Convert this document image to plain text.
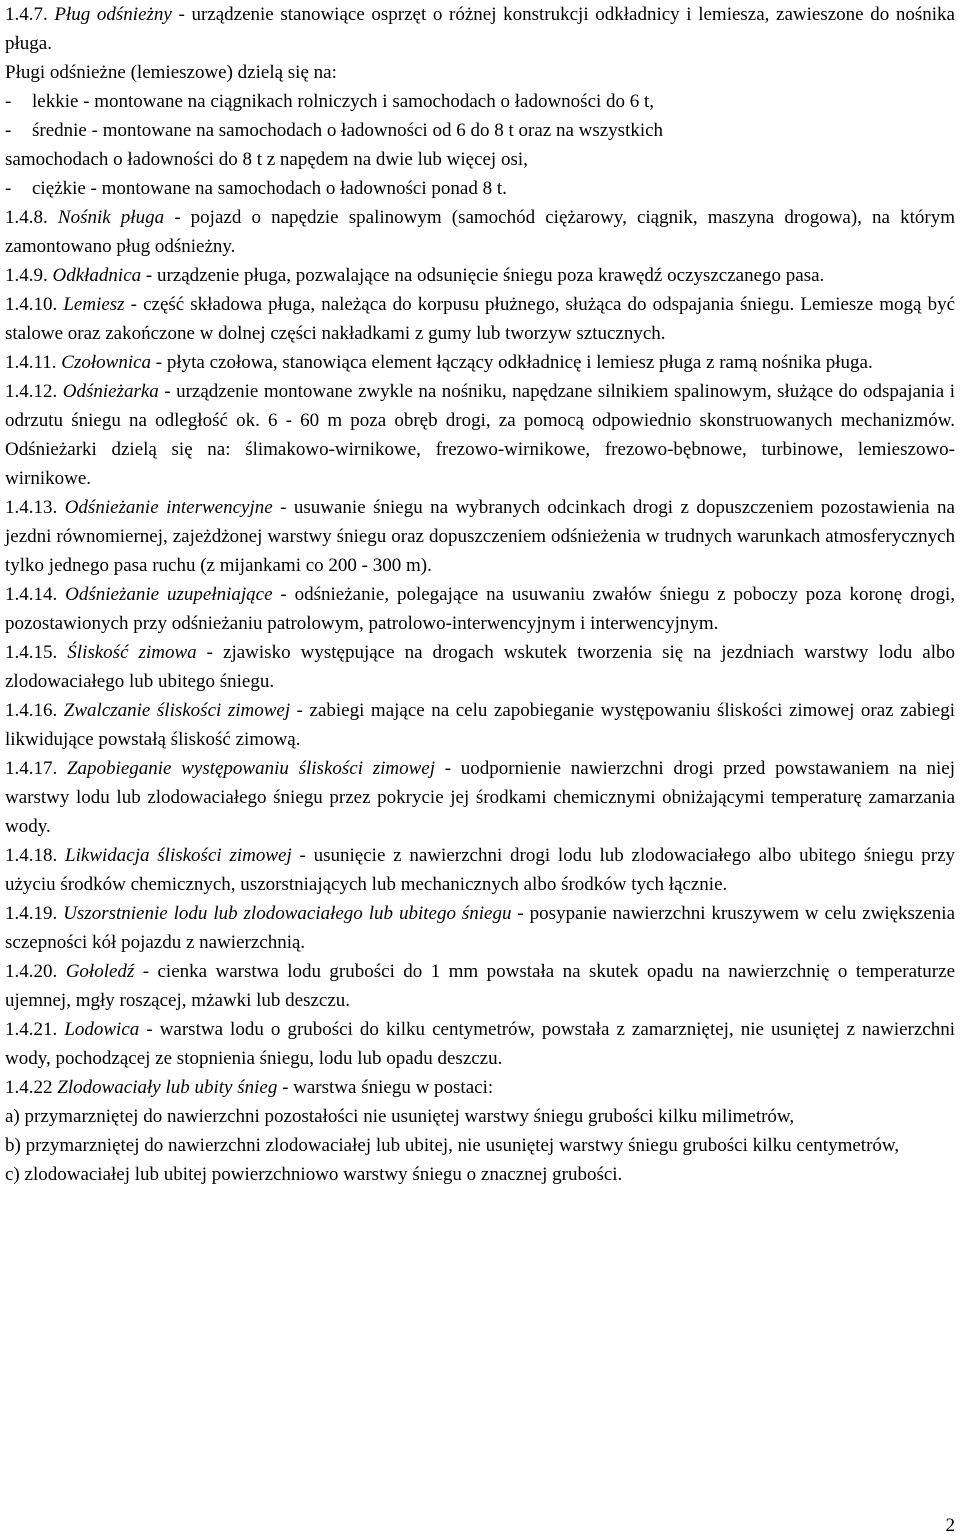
1.4.7. Pług odśnieżny - urządzenie stanowiące osprzęt o różnej konstrukcji odkładnicy i lemiesza, zawieszone do nośnika pługa.

Pługi odśnieżne (lemieszowe) dzielą się na:

-	lekkie - montowane na ciągnikach rolniczych i samochodach o ładowności do 6 t,
-	średnie - montowane na samochodach o ładowności od 6 do 8 t oraz na wszystkich
samochodach o ładowności do 8 t z napędem na dwie lub więcej osi,
-	ciężkie - montowane na samochodach o ładowności ponad 8 t.

1.4.8. Nośnik pługa - pojazd o napędzie spalinowym (samochód ciężarowy, ciągnik, maszyna drogowa), na którym zamontowano pług odśnieżny.

1.4.9. Odkładnica - urządzenie pługa, pozwalające na odsunięcie śniegu poza krawędź oczyszczanego pasa.

1.4.10. Lemiesz - część składowa pługa, należąca do korpusu płużnego, służąca do odspajania śniegu. Lemiesze mogą być stalowe oraz zakończone w dolnej części nakładkami z gumy lub tworzyw sztucznych.

1.4.11. Czołownica - płyta czołowa, stanowiąca element łączący odkładnicę i lemiesz pługa z ramą nośnika pługa.

1.4.12. Odśnieżarka - urządzenie montowane zwykle na nośniku, napędzane silnikiem spalinowym, służące do odspajania i odrzutu śniegu na odległość ok. 6 - 60 m poza obręb drogi, za pomocą odpowiednio skonstruowanych mechanizmów. Odśnieżarki dzielą się na: ślimakowo-wirnikowe, frezowo-wirnikowe, frezowo-bębnowe, turbinowe, lemieszowo-wirnikowe.

1.4.13. Odśnieżanie interwencyjne - usuwanie śniegu na wybranych odcinkach drogi z dopuszczeniem pozostawienia na jezdni równomiernej, zajeżdżonej warstwy śniegu oraz dopuszczeniem odśnieżenia w trudnych warunkach atmosferycznych tylko jednego pasa ruchu (z mijankami co 200 - 300 m).

1.4.14. Odśnieżanie uzupełniające - odśnieżanie, polegające na usuwaniu zwałów śniegu z poboczy poza koronę drogi, pozostawionych przy odśnieżaniu patrolowym, patrolowo-interwencyjnym i interwencyjnym.

1.4.15. Śliskość zimowa - zjawisko występujące na drogach wskutek tworzenia się na jezdniach warstwy lodu albo zlodowaciałego lub ubitego śniegu.

1.4.16. Zwalczanie śliskości zimowej - zabiegi mające na celu zapobieganie występowaniu śliskości zimowej oraz zabiegi likwidujące powstałą śliskość zimową.

1.4.17. Zapobieganie występowaniu śliskości zimowej - uodpornienie nawierzchni drogi przed powstawaniem na niej warstwy lodu lub zlodowaciałego śniegu przez pokrycie jej środkami chemicznymi obniżającymi temperaturę zamarzania wody.

1.4.18. Likwidacja śliskości zimowej - usunięcie z nawierzchni drogi lodu lub zlodowaciałego albo ubitego śniegu przy użyciu środków chemicznych, uszorstniających lub mechanicznych albo środków tych łącznie.

1.4.19. Uszorstnienie lodu lub zlodowaciałego lub ubitego śniegu - posypanie nawierzchni kruszywem w celu zwiększenia sczepności kół pojazdu z nawierzchnią.

1.4.20. Gołoledź - cienka warstwa lodu grubości do 1 mm powstała na skutek opadu na nawierzchnię o temperaturze ujemnej, mgły roszącej, mżawki lub deszczu.

1.4.21. Lodowica - warstwa lodu o grubości do kilku centymetrów, powstała z zamarzniętej, nie usuniętej z nawierzchni wody, pochodzącej ze stopnienia śniegu, lodu lub opadu deszczu.

1.4.22 Zlodowaciały lub ubity śnieg - warstwa śniegu w postaci:

a) przymarzniętej do nawierzchni pozostałości nie usuniętej warstwy śniegu grubości kilku milimetrów,

b) przymarzniętej do nawierzchni zlodowaciałej lub ubitej, nie usuniętej warstwy śniegu grubości kilku centymetrów,

c) zlodowaciałej lub ubitej powierzchniowo warstwy śniegu o znacznej grubości.

2
